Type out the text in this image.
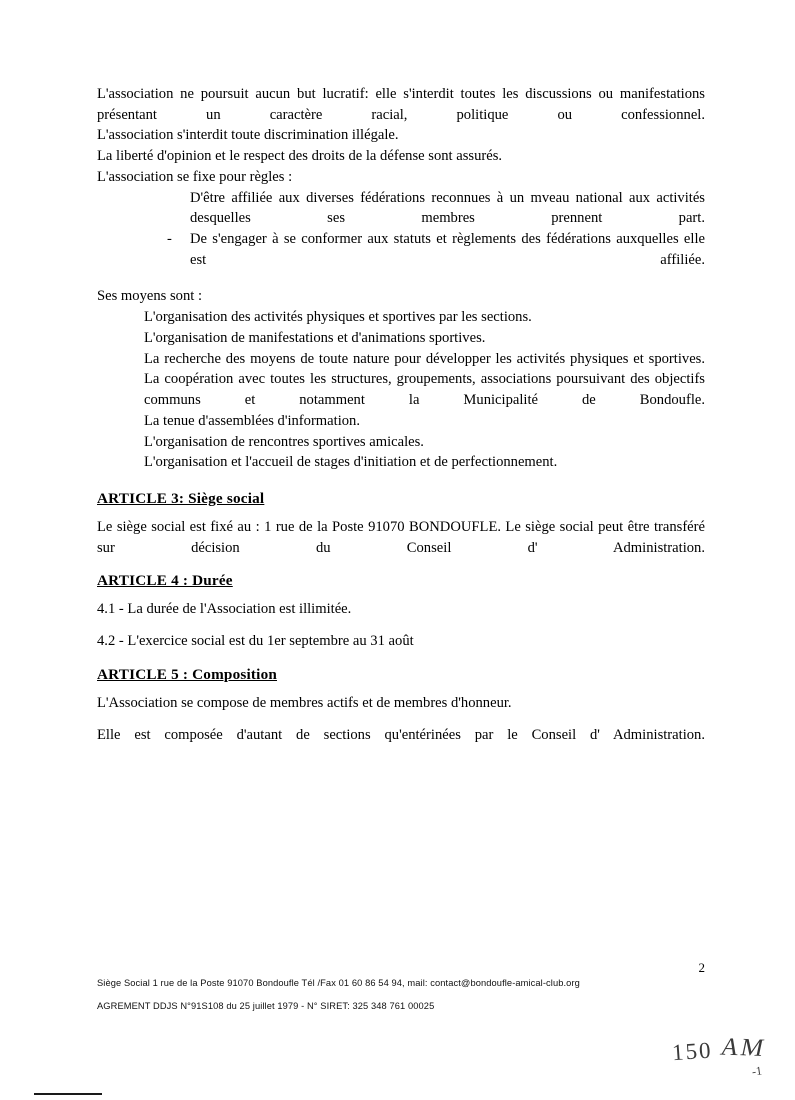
L'association ne poursuit aucun but lucratif: elle s'interdit toutes les discussions ou manifestations présentant un caractère racial, politique ou confessionnel.
L'association s'interdit toute discrimination illégale.
La liberté d'opinion et le respect des droits de la défense sont assurés.
L'association se fixe pour règles :
D'être affiliée aux diverses fédérations reconnues à un mveau national aux activités desquelles ses membres prennent part.
-	De s'engager à se conformer aux statuts et règlements des fédérations auxquelles elle est affiliée.
Ses moyens sont :
L'organisation des activités physiques et sportives par les sections.
L'organisation de manifestations et d'animations sportives.
La recherche des moyens de toute nature pour développer les activités physiques et sportives.
La coopération avec toutes les structures, groupements, associations poursuivant des objectifs communs et notamment la Municipalité de Bondoufle.
La tenue d'assemblées d'information.
L'organisation de rencontres sportives amicales.
L'organisation et l'accueil de stages d'initiation et de perfectionnement.
ARTICLE 3: Siège social
Le siège social est fixé au : 1 rue de la Poste 91070 BONDOUFLE. Le siège social peut être transféré sur décision du Conseil d' Administration.
ARTICLE 4 : Durée
4.1 - La durée de l'Association est illimitée.
4.2 - L'exercice social est du 1er septembre au 31 août
ARTICLE 5 : Composition
L'Association se compose de membres actifs et de membres d'honneur.
Elle est composée d'autant de sections qu'entérinées par le Conseil d' Administration.
2
Siège Social 1 rue de la Poste 91070 Bondoufle Tél /Fax 01 60 86 54 94, mail: contact@bondoufle-amical-club.org
AGREMENT DDJS N°91S108 du 25 juillet 1979 - N° SIRET: 325 348 761 00025
150 AM
-1
